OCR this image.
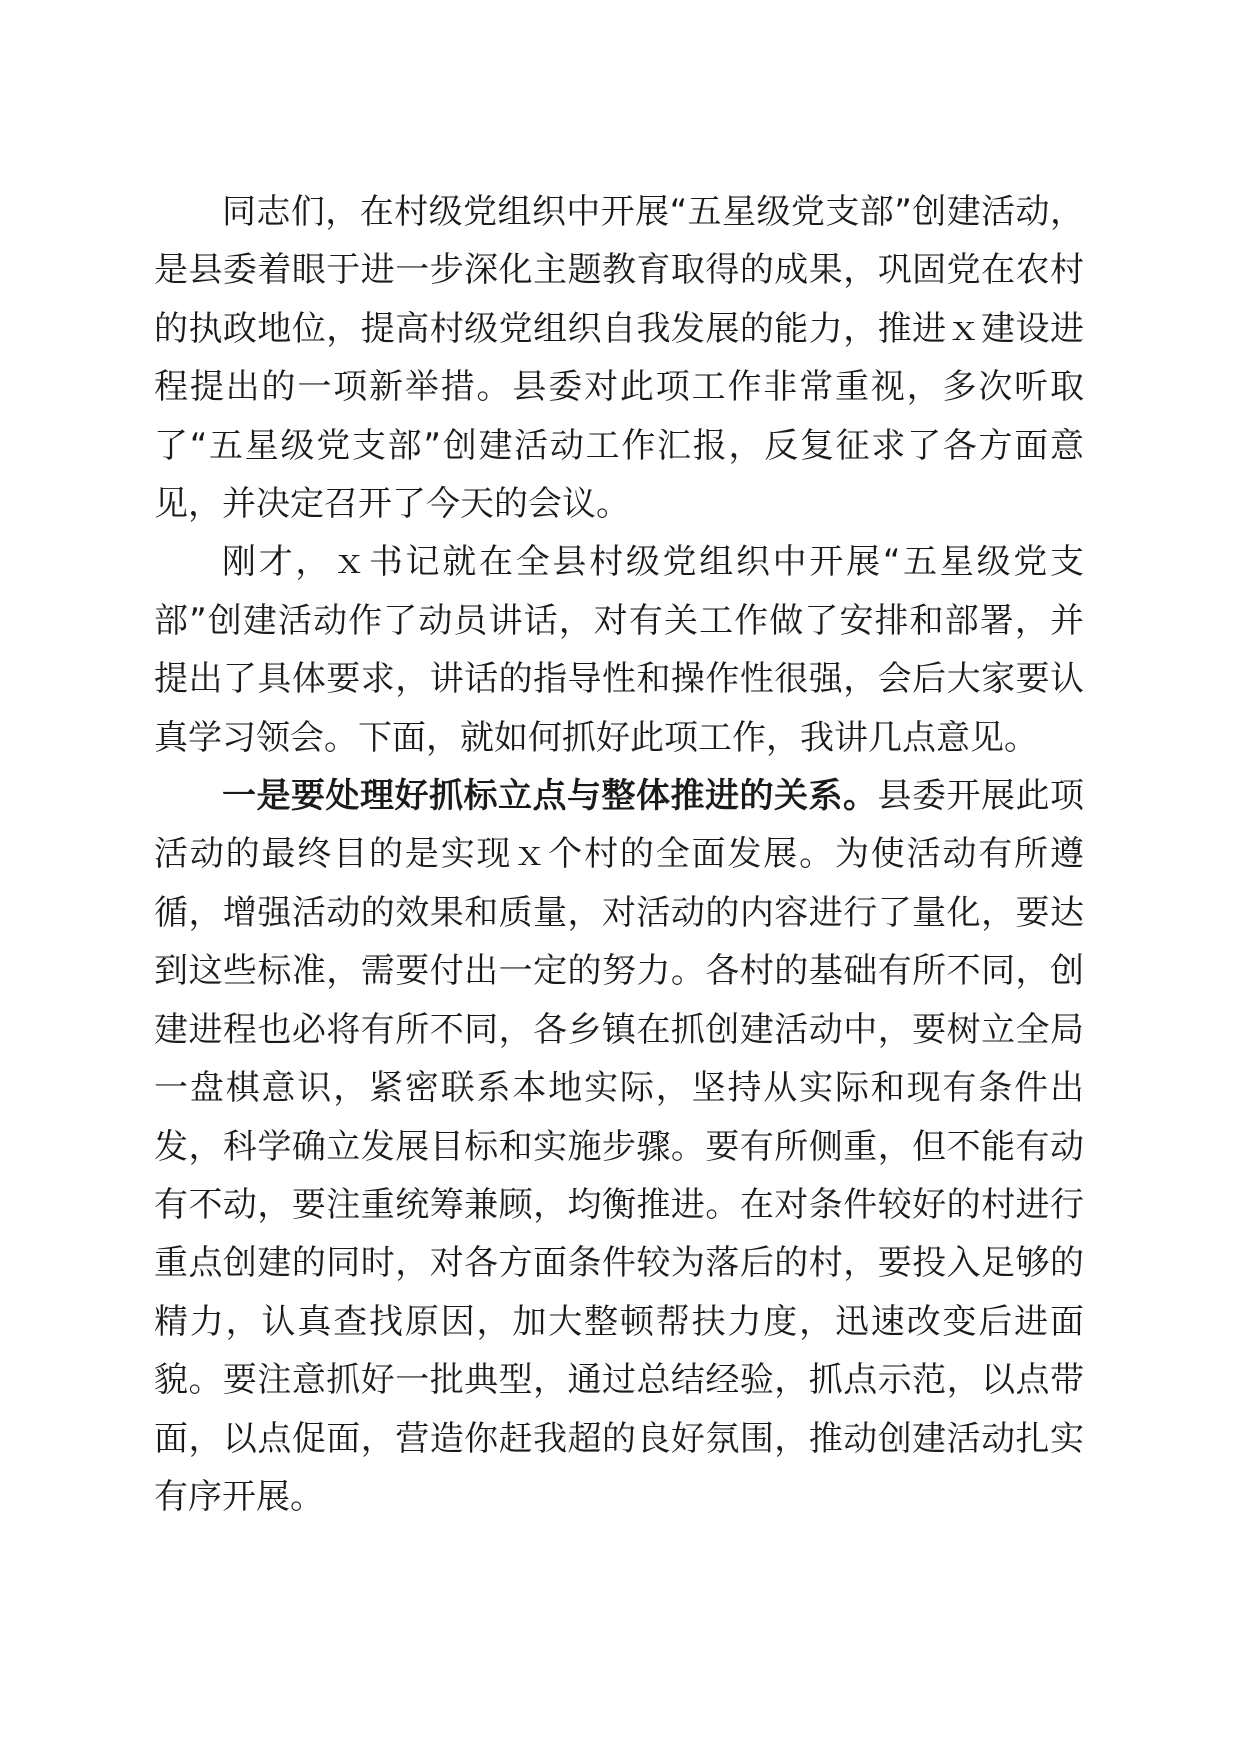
同志们，在村级党组织中开展“五星级党支部”创建活动，是县委着眼于进一步深化主题教育取得的成果，巩固党在农村的执政地位，提高村级党组织自我发展的能力，推进ｘ建设进程提出的一项新举措。县委对此项工作非常重视，多次听取了“五星级党支部”创建活动工作汇报，反复征求了各方面意见，并决定召开了今天的会议。

刚才，ｘ书记就在全县村级党组织中开展“五星级党支部”创建活动作了动员讲话，对有关工作做了安排和部署，并提出了具体要求，讲话的指导性和操作性很强，会后大家要认真学习领会。下面，就如何抓好此项工作，我讲几点意见。

一是要处理好抓标立点与整体推进的关系。县委开展此项活动的最终目的是实现ｘ个村的全面发展。为使活动有所遵循，增强活动的效果和质量，对活动的内容进行了量化，要达到这些标准，需要付出一定的努力。各村的基础有所不同，创建进程也必将有所不同，各乡镇在抓创建活动中，要树立全局一盘棋意识，紧密联系本地实际，坚持从实际和现有条件出发，科学确立发展目标和实施步骤。要有所侧重，但不能有动有不动，要注重统筹兼顾，均衡推进。在对条件较好的村进行重点创建的同时，对各方面条件较为落后的村，要投入足够的精力，认真查找原因，加大整顿帮扶力度，迅速改变后进面貌。要注意抓好一批典型，通过总结经验，抓点示范，以点带面，以点促面，营造你赶我超的良好氛围，推动创建活动扎实有序开展。
